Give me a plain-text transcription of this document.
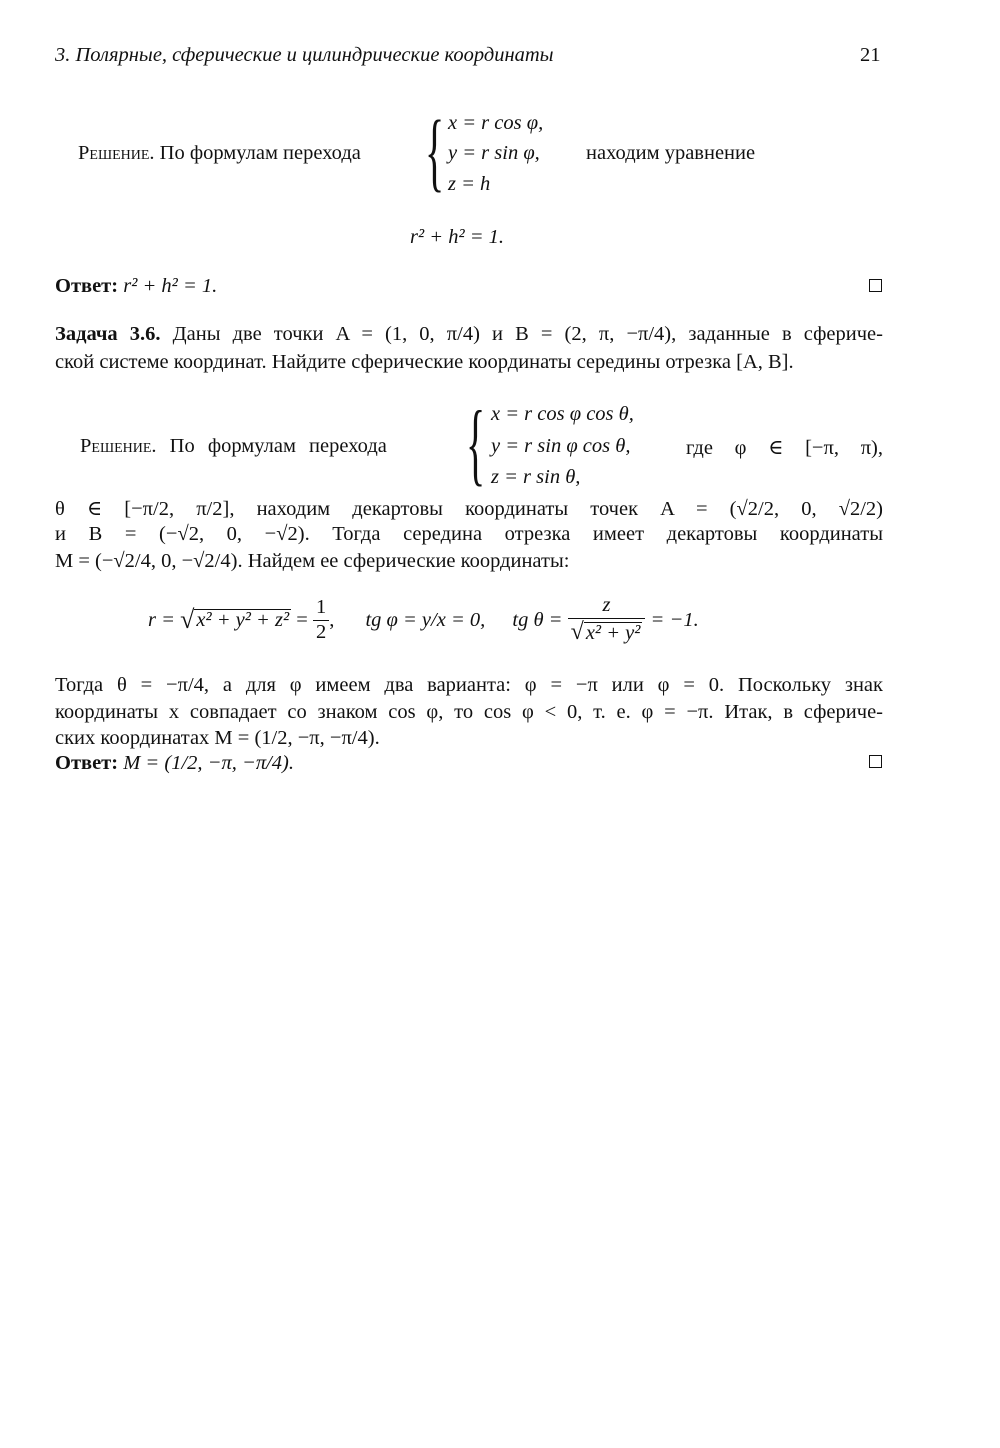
3. Полярные, сферические и цилиндрические координаты	21
Решение. По формулам перехода { x = r cos φ,
y = r sin φ,
z = h
находим уравнение
r² + h² = 1.
Ответ: r² + h² = 1.
Задача 3.6. Даны две точки A = (1, 0, π/4) и B = (2, π, −π/4), заданные в сфериче-
ской системе координат. Найдите сферические координаты середины отрезка [A, B].
Решение. По формулам перехода { x = r cos φ cos θ,
y = r sin φ cos θ,
z = r sin θ,
где φ ∈ [−π, π),
θ ∈ [−π/2, π/2], находим декартовы координаты точек A = (√2/2, 0, √2/2)
и B = (−√2, 0, −√2). Тогда середина отрезка имеет декартовы координаты
M = (−√2/4, 0, −√2/4). Найдем ее сферические координаты:
$r = √x^2 + y^2 + z^2 = \frac{1}{2}$ , tg φ = y/x = 0, tg $\theta = \frac{z}{\text{√x² + y²}} = -1$.
Тогда θ = −π/4, а для φ имеем два варианта: φ = −π или φ = 0. Поскольку знак
координаты x совпадает со знаком cos φ, то cos φ < 0, т. е. φ = −π. Итак, в сфериче-
ских координатах M = (1/2, −π, −π/4).
Ответ: M = (1/2, −π, −π/4).
